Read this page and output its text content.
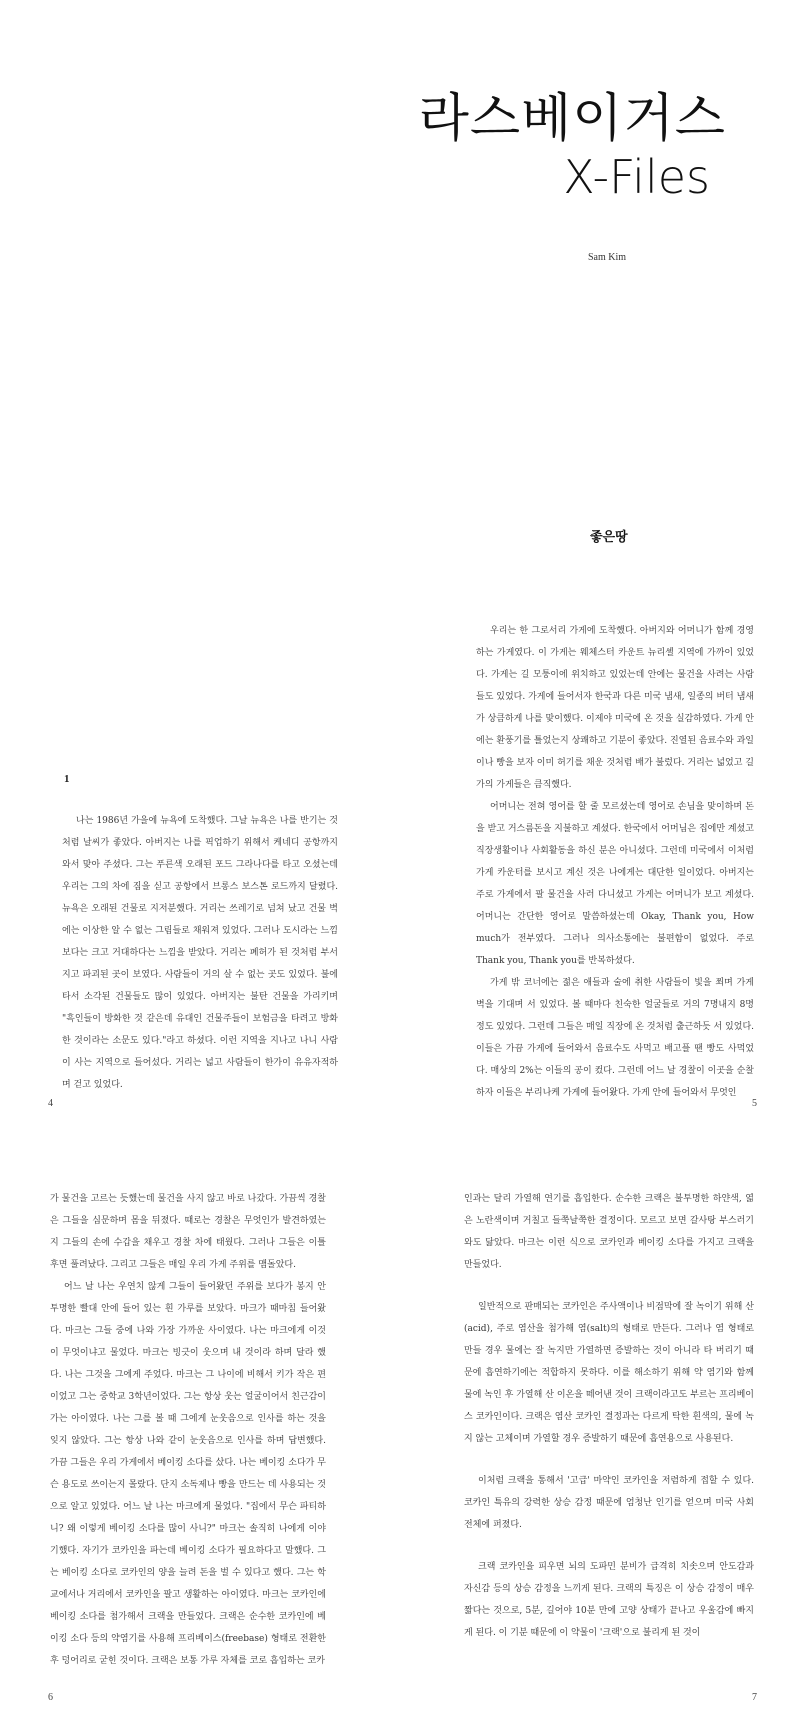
라스베이거스
X-Files
Sam Kim
좋은땅
1

나는 1986년 가을에 뉴욕에 도착했다. 그날 뉴욕은 나를 반기는 것처럼 날씨가 좋았다. 아버지는 나를 픽업하기 위해서 케네디 공항까지 와서 맞아 주셨다. 그는 푸른색 오래된 포드 그라나다를 타고 오셨는데 우리는 그의 차에 짐을 싣고 공항에서 브롱스 보스톤 로드까지 달렸다. 뉴욕은 오래된 건물로 지저분했다. 거리는 쓰레기로 넘쳐 났고 건물 벽에는 이상한 알 수 없는 그림들로 채워져 있었다. 그러나 도시라는 느낌보다는 크고 거대하다는 느낌을 받았다. 거리는 폐허가 된 것처럼 부서지고 파괴된 곳이 보였다. 사람들이 거의 살 수 없는 곳도 있었다. 불에 타서 소각된 건물들도 많이 있었다. 아버지는 불탄 건물을 가리키며 "흑인들이 방화한 것 같은데 유대인 건물주들이 보험금을 타려고 방화한 것이라는 소문도 있다."라고 하셨다. 이런 지역을 지나고 나니 사람이 사는 지역으로 들어섰다. 거리는 넓고 사람들이 한가이 유유자적하며 걷고 있었다.

4

우리는 한 그로서리 가게에 도착했다. 아버지와 어머니가 함께 경영하는 가게였다. 이 가게는 웨체스터 카운트 뉴리셸 지역에 가까이 있었다. 가게는 길 모퉁이에 위치하고 있었는데 안에는 물건을 사려는 사람들도 있었다. 가게에 들어서자 한국과 다른 미국 냄새, 일종의 버터 냄새가 상큼하게 나를 맞이했다. 이제야 미국에 온 것을 실감하였다. 가게 안에는 환풍기를 틀었는지 상쾌하고 기분이 좋았다. 진열된 음료수와 과일이나 빵을 보자 이미 허기를 채운 것처럼 배가 불렀다. 거리는 넓었고 길가의 가게들은 큼직했다.

어머니는 전혀 영어를 할 줄 모르셨는데 영어로 손님을 맞이하며 돈을 받고 거스름돈을 지불하고 계셨다. 한국에서 어머님은 집에만 계셨고 직장생활이나 사회활동을 하신 분은 아니셨다. 그런데 미국에서 이처럼 가게 카운터를 보시고 계신 것은 나에게는 대단한 일이었다. 아버지는 주로 가게에서 팔 물건을 사러 다니셨고 가게는 어머니가 보고 계셨다. 어머니는 간단한 영어로 말씀하셨는데 Okay, Thank you, How much가 전부였다. 그러나 의사소통에는 불편함이 없었다. 주로 Thank you, Thank you를 반복하셨다.

가게 밖 코너에는 젊은 애들과 술에 취한 사람들이 빛을 쬐며 가게 벽을 기대며 서 있었다. 볼 때마다 친숙한 얼굴들로 거의 7명내지 8명 정도 있었다. 그런데 그들은 매일 직장에 온 것처럼 출근하듯 서 있었다. 이들은 가끔 가게에 들어와서 음료수도 사먹고 배고플 땐 빵도 사먹었다. 매상의 2%는 이들의 공이 컸다. 그런데 어느 날 경찰이 이곳을 순찰하자 이들은 부리나케 가게에 들어왔다. 가게 안에 들어와서 무엇인

5

가 물건을 고르는 듯했는데 물건을 사지 않고 바로 나갔다. 가끔씩 경찰은 그들을 심문하며 몸을 뒤졌다. 때로는 경찰은 무엇인가 발견하였는지 그들의 손에 수갑을 채우고 경찰 차에 태웠다. 그러나 그들은 이틀 후면 풀려났다. 그리고 그들은 매일 우리 가게 주위를 맴돌았다.

어느 날 나는 우연치 않게 그들이 들어왔던 주위를 보다가 봉지 안 투명한 빨대 안에 들어 있는 흰 가루를 보았다. 마크가 때마침 들어왔다. 마크는 그들 중에 나와 가장 가까운 사이였다. 나는 마크에게 이것이 무엇이냐고 물었다. 마크는 빙긋이 웃으며 내 것이라 하며 달라 했다. 나는 그것을 그에게 주었다. 마크는 그 나이에 비해서 키가 작은 편이었고 그는 중학교 3학년이었다. 그는 항상 웃는 얼굴이어서 친근감이 가는 아이였다. 나는 그를 볼 때 그에게 눈웃음으로 인사를 하는 것을 잊지 않았다. 그는 항상 나와 같이 눈웃음으로 인사를 하며 답변했다. 가끔 그들은 우리 가게에서 베이킹 소다를 샀다. 나는 베이킹 소다가 무슨 용도로 쓰이는지 몰랐다. 단지 소독제나 빵을 만드는 데 사용되는 것으로 알고 있었다. 어느 날 나는 마크에게 물었다. "집에서 무슨 파티하니? 왜 이렇게 베이킹 소다를 많이 사니?" 마크는 솔직히 나에게 이야기했다. 자기가 코카인을 파는데 베이킹 소다가 필요하다고 말했다. 그는 베이킹 소다로 코카인의 양을 늘려 돈을 벌 수 있다고 했다. 그는 학교에서나 거리에서 코카인을 팔고 생활하는 아이였다. 마크는 코카인에 베이킹 소다를 첨가해서 크랙을 만들었다. 크랙은 순수한 코카인에 베이킹 소다 등의 약염기를 사용해 프리베이스(freebase) 형태로 전환한 후 덩어리로 굳힌 것이다. 크랙은 보통 가루 자체를 코로 흡입하는 코카

6

인과는 달리 가열해 연기를 흡입한다. 순수한 크랙은 불투명한 하얀색, 엷은 노란색이며 거칠고 들쭉날쭉한 결정이다. 모르고 보면 갈사탕 부스러기와도 닮았다. 마크는 이런 식으로 코카인과 베이킹 소다를 가지고 크랙을 만들었다.

일반적으로 판매되는 코카인은 주사액이나 비점막에 잘 녹이기 위해 산(acid), 주로 염산을 첨가해 염(salt)의 형태로 만든다. 그러나 염 형태로 만들 경우 물에는 잘 녹지만 가열하면 증발하는 것이 아니라 타 버리기 때문에 흡연하기에는 적합하지 못하다. 이를 해소하기 위해 약 염기와 함께 물에 녹인 후 가열해 산 이온을 떼어낸 것이 크랙이라고도 부르는 프리베이스 코카인이다. 크랙은 염산 코카인 결정과는 다르게 탁한 흰색의, 물에 녹지 않는 고체이며 가열할 경우 증발하기 때문에 흡연용으로 사용된다.

이처럼 크랙을 통해서 '고급' 마약인 코카인을 저렴하게 접할 수 있다. 코카인 특유의 강력한 상승 감정 때문에 엄청난 인기를 얻으며 미국 사회 전체에 퍼졌다.

크랙 코카인을 피우면 뇌의 도파민 분비가 급격히 치솟으며 안도감과 자신감 등의 상승 감정을 느끼게 된다. 크랙의 특징은 이 상승 감정이 매우 짧다는 것으로, 5분, 길어야 10분 만에 고양 상태가 끝나고 우울감에 빠지게 된다. 이 기분 때문에 이 약물이 '크랙'으로 불리게 된 것이

7
